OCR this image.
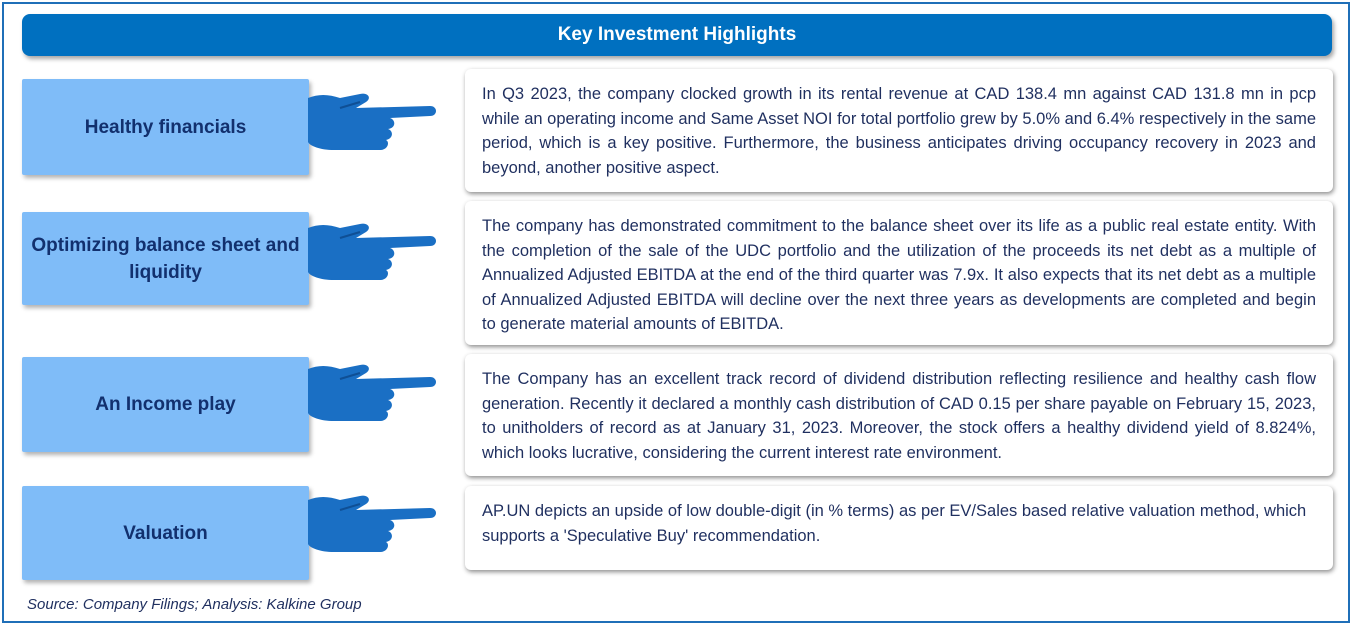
Key Investment Highlights
Healthy financials
In Q3 2023, the company clocked growth in its rental revenue at CAD 138.4 mn against CAD 131.8 mn in pcp while an operating income and Same Asset NOI for total portfolio grew by 5.0% and 6.4% respectively in the same period, which is a key positive. Furthermore, the business anticipates driving occupancy recovery in 2023 and beyond, another positive aspect.
Optimizing balance sheet and liquidity
The company has demonstrated commitment to the balance sheet over its life as a public real estate entity. With the completion of the sale of the UDC portfolio and the utilization of the proceeds its net debt as a multiple of Annualized Adjusted EBITDA at the end of the third quarter was 7.9x. It also expects that its net debt as a multiple of Annualized Adjusted EBITDA will decline over the next three years as developments are completed and begin to generate material amounts of EBITDA.
An Income play
The Company has an excellent track record of dividend distribution reflecting resilience and healthy cash flow generation. Recently it declared a monthly cash distribution of CAD 0.15 per share payable on February 15, 2023, to unitholders of record as at January 31, 2023. Moreover, the stock offers a healthy dividend yield of 8.824%, which looks lucrative, considering the current interest rate environment.
Valuation
AP.UN depicts an upside of low double-digit (in % terms) as per EV/Sales based relative valuation method, which supports a 'Speculative Buy' recommendation.
Source: Company Filings; Analysis: Kalkine Group
